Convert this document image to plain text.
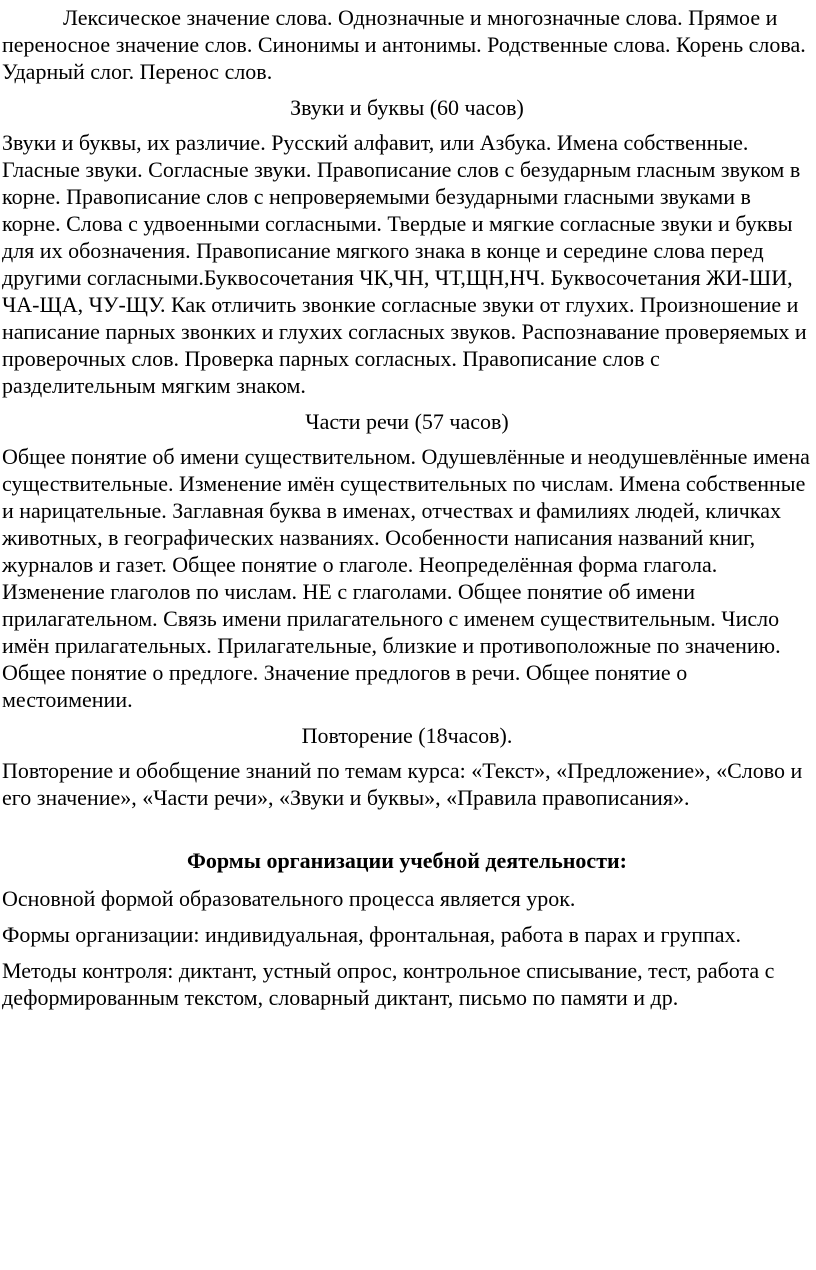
Лексическое значение слова. Однозначные и многозначные слова. Прямое и переносное значение слов. Синонимы и антонимы. Родственные слова. Корень слова. Ударный слог. Перенос слов.

Звуки и буквы (60 часов)

Звуки и буквы, их различие. Русский алфавит, или Азбука. Имена собственные. Гласные звуки. Согласные звуки. Правописание слов с безударным гласным звуком в корне. Правописание слов с непроверяемыми безударными гласными звуками в корне. Слова с удвоенными согласными. Твердые и мягкие согласные звуки и буквы для их обозначения. Правописание мягкого знака в конце и середине слова перед другими согласными.Буквосочетания ЧК,ЧН, ЧТ,ЩН,НЧ. Буквосочетания ЖИ-ШИ, ЧА-ЩА, ЧУ-ЩУ. Как отличить звонкие согласные звуки от глухих. Произношение и написание парных звонких и глухих согласных звуков. Распознавание проверяемых и проверочных слов. Проверка парных согласных. Правописание слов с разделительным мягким знаком.

Части речи (57 часов)

Общее понятие об имени существительном. Одушевлённые и неодушевлённые имена существительные. Изменение имён существительных по числам. Имена собственные и нарицательные. Заглавная буква в именах, отчествах и фамилиях людей, кличках животных, в географических названиях. Особенности написания названий книг, журналов и газет. Общее понятие о глаголе. Неопределённая форма глагола. Изменение глаголов по числам. НЕ с глаголами. Общее понятие об имени прилагательном. Связь имени прилагательного с именем существительным. Число имён прилагательных. Прилагательные, близкие и противоположные по значению. Общее понятие о предлоге. Значение предлогов в речи. Общее понятие о местоимении.

Повторение (18часов).

Повторение и обобщение знаний по темам курса: «Текст», «Предложение», «Слово и его значение», «Части речи», «Звуки и буквы», «Правила правописания».

Формы организации учебной деятельности:

Основной формой образовательного процесса является урок.

Формы организации: индивидуальная, фронтальная, работа в парах и группах.

Методы контроля: диктант, устный опрос, контрольное списывание, тест, работа с деформированным текстом, словарный диктант, письмо по памяти и др.
